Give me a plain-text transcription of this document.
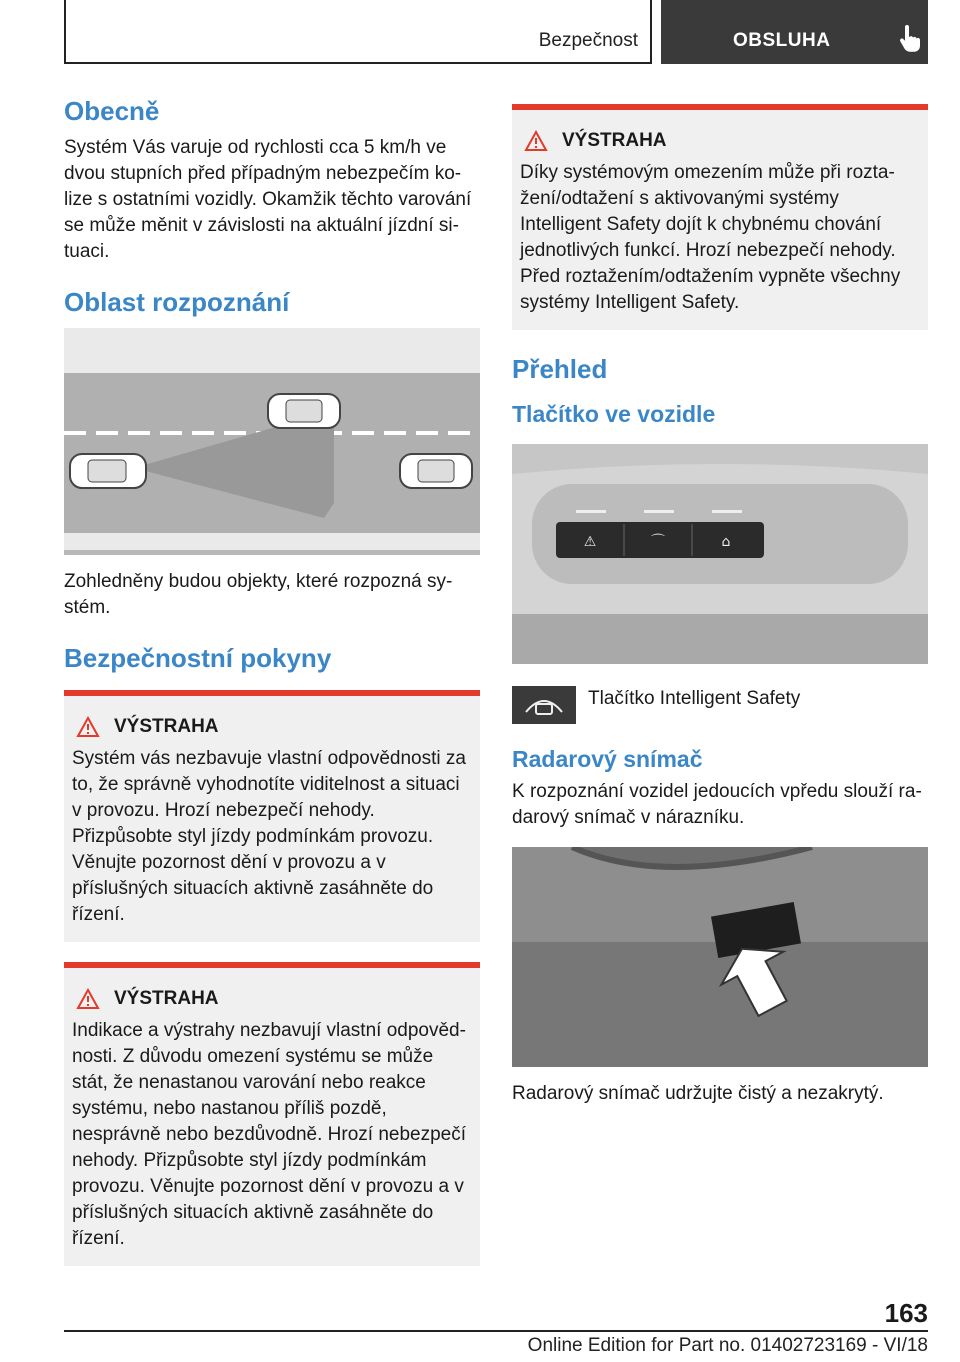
Bezpečnost	OBSLUHA
Obecně

Systém Vás varuje od rychlosti cca 5 km/h ve dvou stupních před případným nebezpečím kolize s ostatními vozidly. Okamžik těchto varování se může měnit v závislosti na aktuální jízdní situaci.

Oblast rozpoznání

Zohledněny budou objekty, které rozpozná systém.

Bezpečnostní pokyny
VÝSTRAHA
Systém vás nezbavuje vlastní odpovědnosti za to, že správně vyhodnotíte viditelnost a situaci v provozu. Hrozí nebezpečí nehody. Přizpůsobte styl jízdy podmínkám provozu. Věnujte pozornost dění v provozu a v příslušných situacích aktivně zasáhněte do řízení.
VÝSTRAHA
Indikace a výstrahy nezbavují vlastní odpovědnosti. Z důvodu omezení systému se může stát, že nenastanou varování nebo reakce systému, nebo nastanou příliš pozdě, nesprávně nebo bezdůvodně. Hrozí nebezpečí nehody. Přizpůsobte styl jízdy podmínkám provozu. Věnujte pozornost dění v provozu a v příslušných situacích aktivně zasáhněte do řízení.
VÝSTRAHA
Díky systémovým omezením může při roztažení/odtažení s aktivovanými systémy Intelligent Safety dojít k chybnému chování jednotlivých funkcí. Hrozí nebezpečí nehody. Před roztažením/odtažením vypněte všechny systémy Intelligent Safety.
Přehled
Tlačítko ve vozidle
⚠	⌒	⌂

Tlačítko Intelligent Safety

Radarový snímač

K rozpoznání vozidel jedoucích vpředu slouží radarový snímač v nárazníku.

Radarový snímač udržujte čistý a nezakrytý.

163
Online Edition for Part no. 01402723169 - VI/18
